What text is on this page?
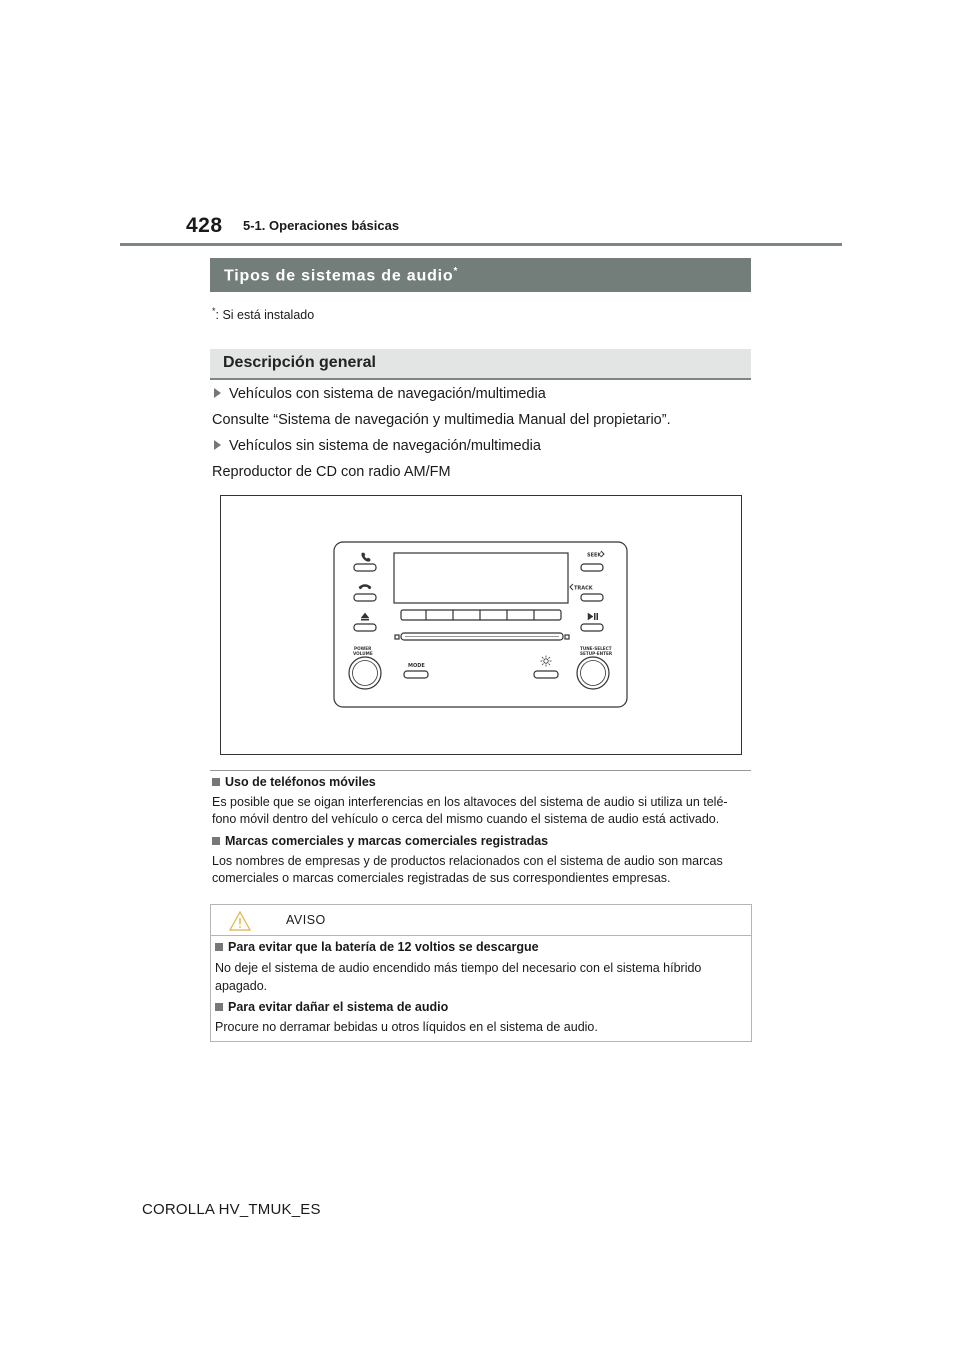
428 5-1. Operaciones básicas
Tipos de sistemas de audio*
*: Si está instalado
Descripción general
Vehículos con sistema de navegación/multimedia
Consulte “Sistema de navegación y multimedia Manual del propietario”.
Vehículos sin sistema de navegación/multimedia
Reproductor de CD con radio AM/FM
SEEK
TRACK
POWER
VOLUME
MODE
TUNE·SELECT
SETUP·ENTER
Uso de teléfonos móviles
Es posible que se oigan interferencias en los altavoces del sistema de audio si utiliza un telé-
fono móvil dentro del vehículo o cerca del mismo cuando el sistema de audio está activado.
Marcas comerciales y marcas comerciales registradas
Los nombres de empresas y de productos relacionados con el sistema de audio son marcas
comerciales o marcas comerciales registradas de sus correspondientes empresas.
AVISO
Para evitar que la batería de 12 voltios se descargue
No deje el sistema de audio encendido más tiempo del necesario con el sistema híbrido
apagado.
Para evitar dañar el sistema de audio
Procure no derramar bebidas u otros líquidos en el sistema de audio.
COROLLA HV_TMUK_ES
